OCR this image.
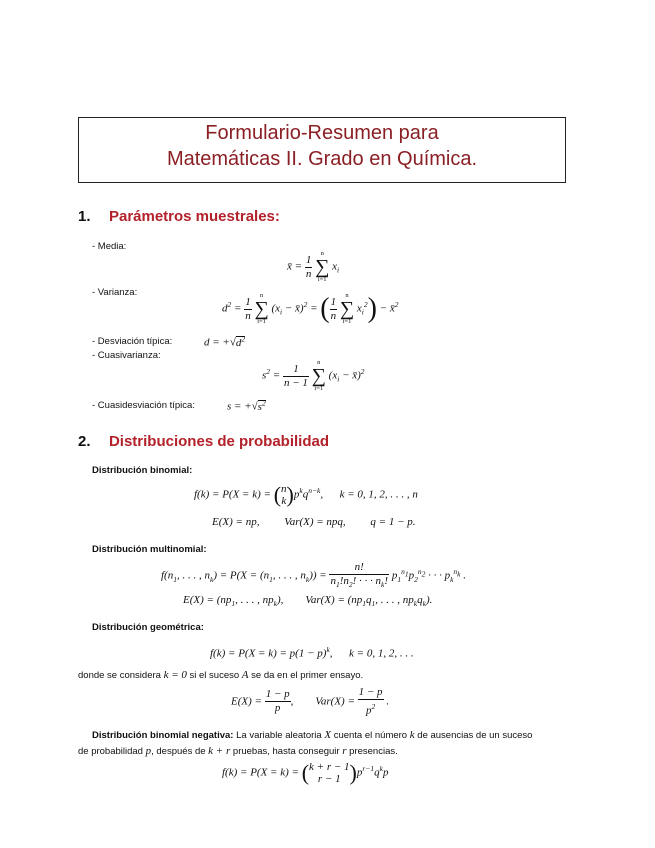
Formulario-Resumen para
Matemáticas II. Grado en Química.
1. Parámetros muestrales:
- Media:
x̄ = $\frac{1}{n}$
	n
∑
i=1
$x_i$
- Varianza:
$d^2 = \frac{1}{n}$
	n
∑
i=1
($x_i$ − x̄)$^2$ = ( $\frac{1}{n}$
	n
∑
i=1
$x_i^2$) − x̄$^2$
- Desviación típica:	$d = +√d^2$
- Cuasivarianza:
$s^2 = \frac{1}{n - 1}$
	n
∑
i=1
($x_i$ − x̄)$^2$
- Cuasidesviación típica:	$s = +√s^2$
2. Distribuciones de probabilidad
Distribución binomial:
f(k) = P(X = k) = ( n
k )$p^kq^{n-k}$,      k = 0, 1, 2, . . . , n
E(X) = np,         Var(X) = npq,         q = 1 − p.
Distribución multinomial:
$f(n_1$, . . . , $n_k) = P(X = (n_1$, . . . , $n_k)) = \frac{n!}{n_1!n_2! \cdot \cdot \cdot n_k!} p_1^{n_1}p_2^{n_2}$ · · · $p_k^{n_k}$ .
$E(X) = (np_1$, . . . , $np_k$),        $Var(X) = (np_1q_1$, . . . , $np_kq_k$).
Distribución geométrica:
$f(k) = P(X = k) = p(1 - p)^k$,      k = 0, 1, 2, . . .
donde se considera k = 0 si el suceso A se da en el primer ensayo.
$E(X) = \frac{1 - p}{p}$ ,        $Var(X) = \frac{1 - p}{p^2}$ .
Distribución binomial negativa: La variable aleatoria X cuenta el número k de ausencias de un suceso
de probabilidad p, después de k + r pruebas, hasta conseguir r presencias.
f(k) = P(X = k) = ( k + r − 1
r − 1 )$p^{r-1}q^kp$
